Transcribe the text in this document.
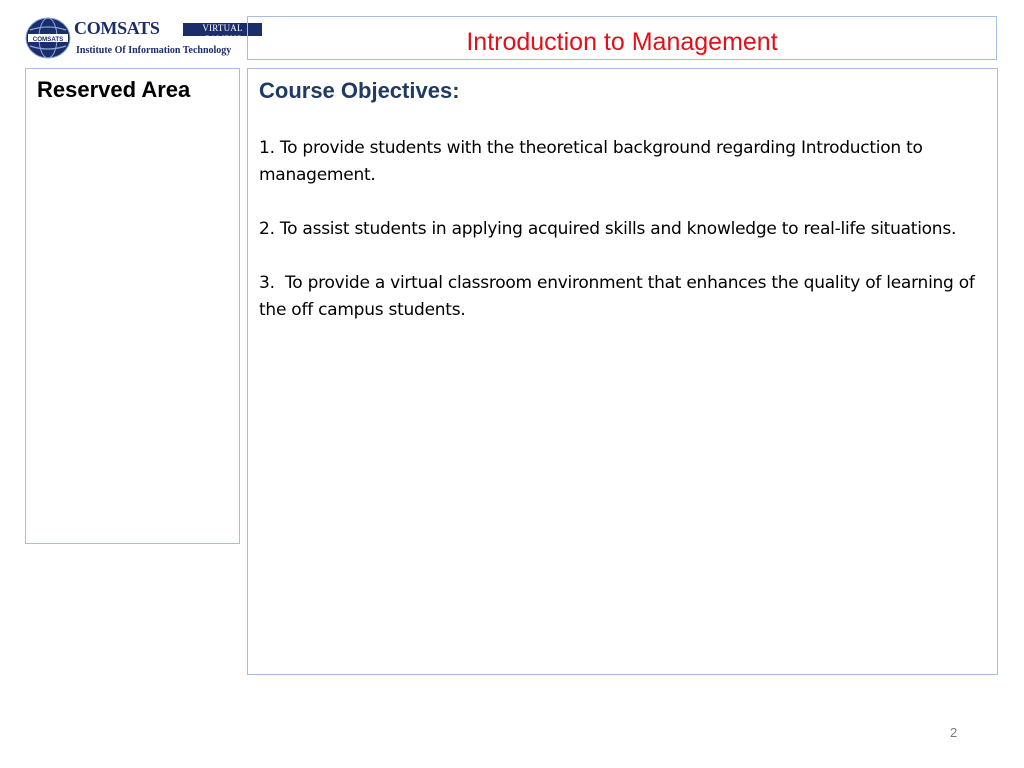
COMSATS
COMSATS	VIRTUAL CAMPUS
Institute Of Information Technology	Introduction to Management
Reserved Area	Course Objectives:

1. To provide students with the theoretical background regarding Introduction to management.

2. To assist students in applying acquired skills and knowledge to real-life situations.

3.  To provide a virtual classroom environment that enhances the quality of learning of the off campus students.

2
